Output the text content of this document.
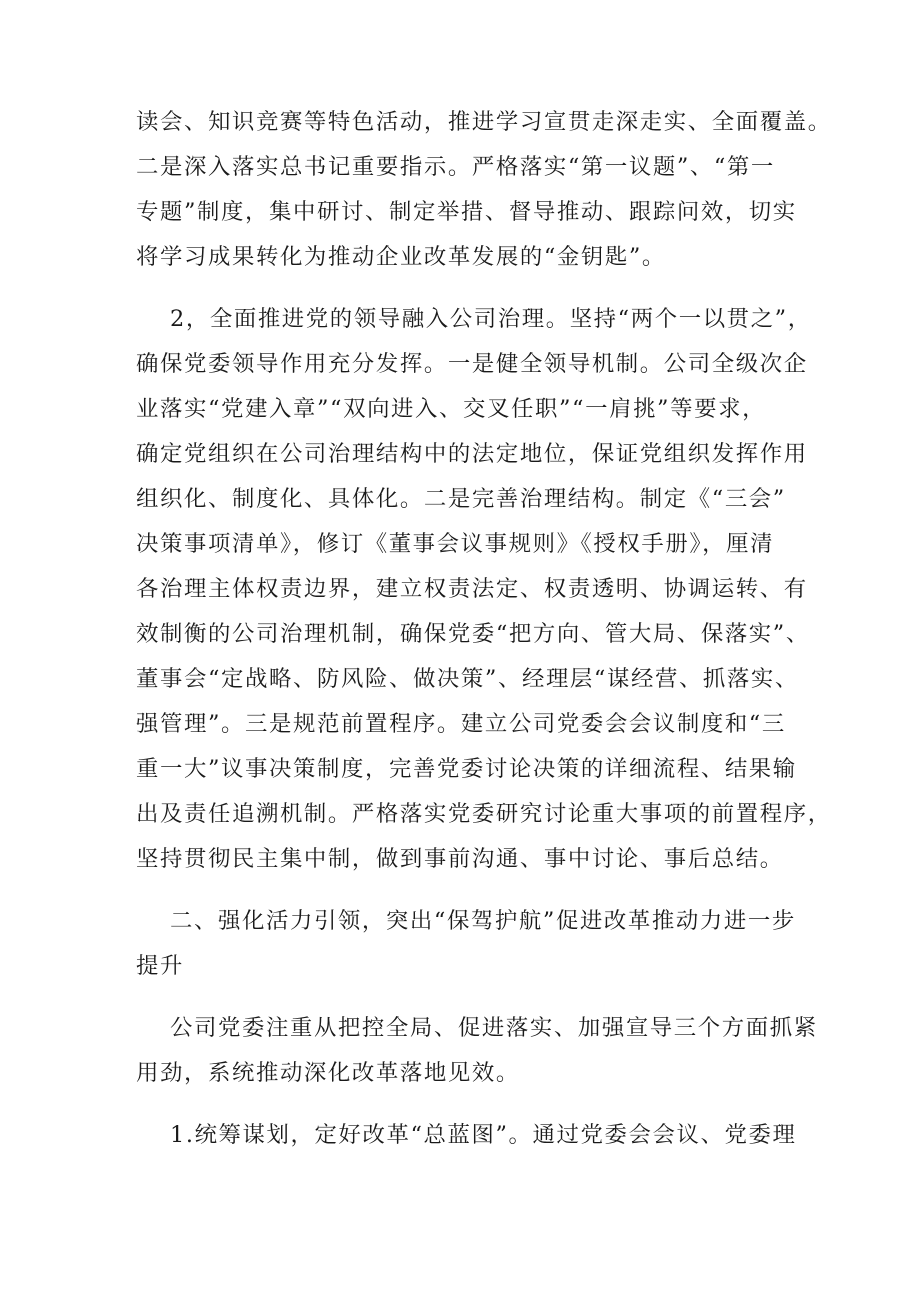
读会、知识竞赛等特色活动，推进学习宣贯走深走实、全面覆盖。
二是深入落实总书记重要指示。严格落实“第一议题”、“第一
专题”制度，集中研讨、制定举措、督导推动、跟踪问效，切实
将学习成果转化为推动企业改革发展的“金钥匙”。

2，全面推进党的领导融入公司治理。坚持“两个一以贯之”，
确保党委领导作用充分发挥。一是健全领导机制。公司全级次企
业落实“党建入章”“双向进入、交叉任职”“一肩挑”等要求，
确定党组织在公司治理结构中的法定地位，保证党组织发挥作用
组织化、制度化、具体化。二是完善治理结构。制定《“三会”
决策事项清单》，修订《董事会议事规则》《授权手册》，厘清
各治理主体权责边界，建立权责法定、权责透明、协调运转、有
效制衡的公司治理机制，确保党委“把方向、管大局、保落实”、
董事会“定战略、防风险、做决策”、经理层“谋经营、抓落实、
强管理”。三是规范前置程序。建立公司党委会会议制度和“三
重一大”议事决策制度，完善党委讨论决策的详细流程、结果输
出及责任追溯机制。严格落实党委研究讨论重大事项的前置程序，
坚持贯彻民主集中制，做到事前沟通、事中讨论、事后总结。

二、强化活力引领，突出“保驾护航”促进改革推动力进一步
提升

公司党委注重从把控全局、促进落实、加强宣导三个方面抓紧
用劲，系统推动深化改革落地见效。

1.统筹谋划，定好改革“总蓝图”。通过党委会会议、党委理
